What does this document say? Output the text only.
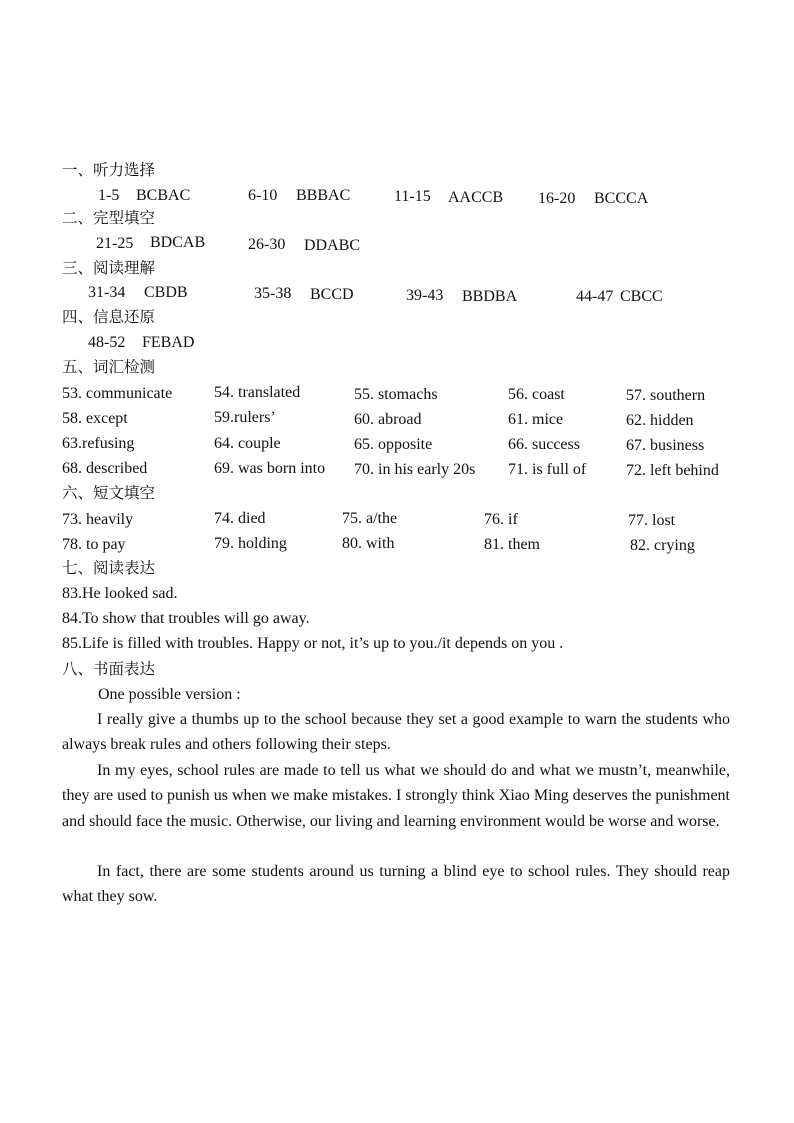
一、听力选择
1-5 BCBAC	6-10 BBBAC	11-15 AACCB 16-20 BCCCA
二、完型填空
21-25 BDCAB	26-30 DDABC
三、阅读理解
31-34 CBDB	35-38 BCCD	39-43 BBDBA	44-47 CBCC
四、信息还原
48-52 FEBAD
五、词汇检测
53. communicate	54. translated	55. stomachs	56. coast	57. southern
58. except	59.rulers’	60. abroad	61. mice	62. hidden
63.refusing	64. couple	65. opposite	66. success	67. business
68. described	69. was born into 70. in his early 20s 71. is full of 72. left behind
六、短文填空
73. heavily	74. died	75. a/the	76. if	77. lost
78. to pay	79. holding	80. with	81. them	82. crying
七、阅读表达
83.He looked sad.
84.To show that troubles will go away.
85.Life is filled with troubles. Happy or not, it’s up to you./it depends on you .
八、书面表达
One possible version :
I really give a thumbs up to the school because they set a good example to warn the students who always break rules and others following their steps.
In my eyes, school rules are made to tell us what we should do and what we mustn’t, meanwhile, they are used to punish us when we make mistakes. I strongly think Xiao Ming deserves the punishment and should face the music. Otherwise, our living and learning environment would be worse and worse.
In fact, there are some students around us turning a blind eye to school rules. They should reap what they sow.
